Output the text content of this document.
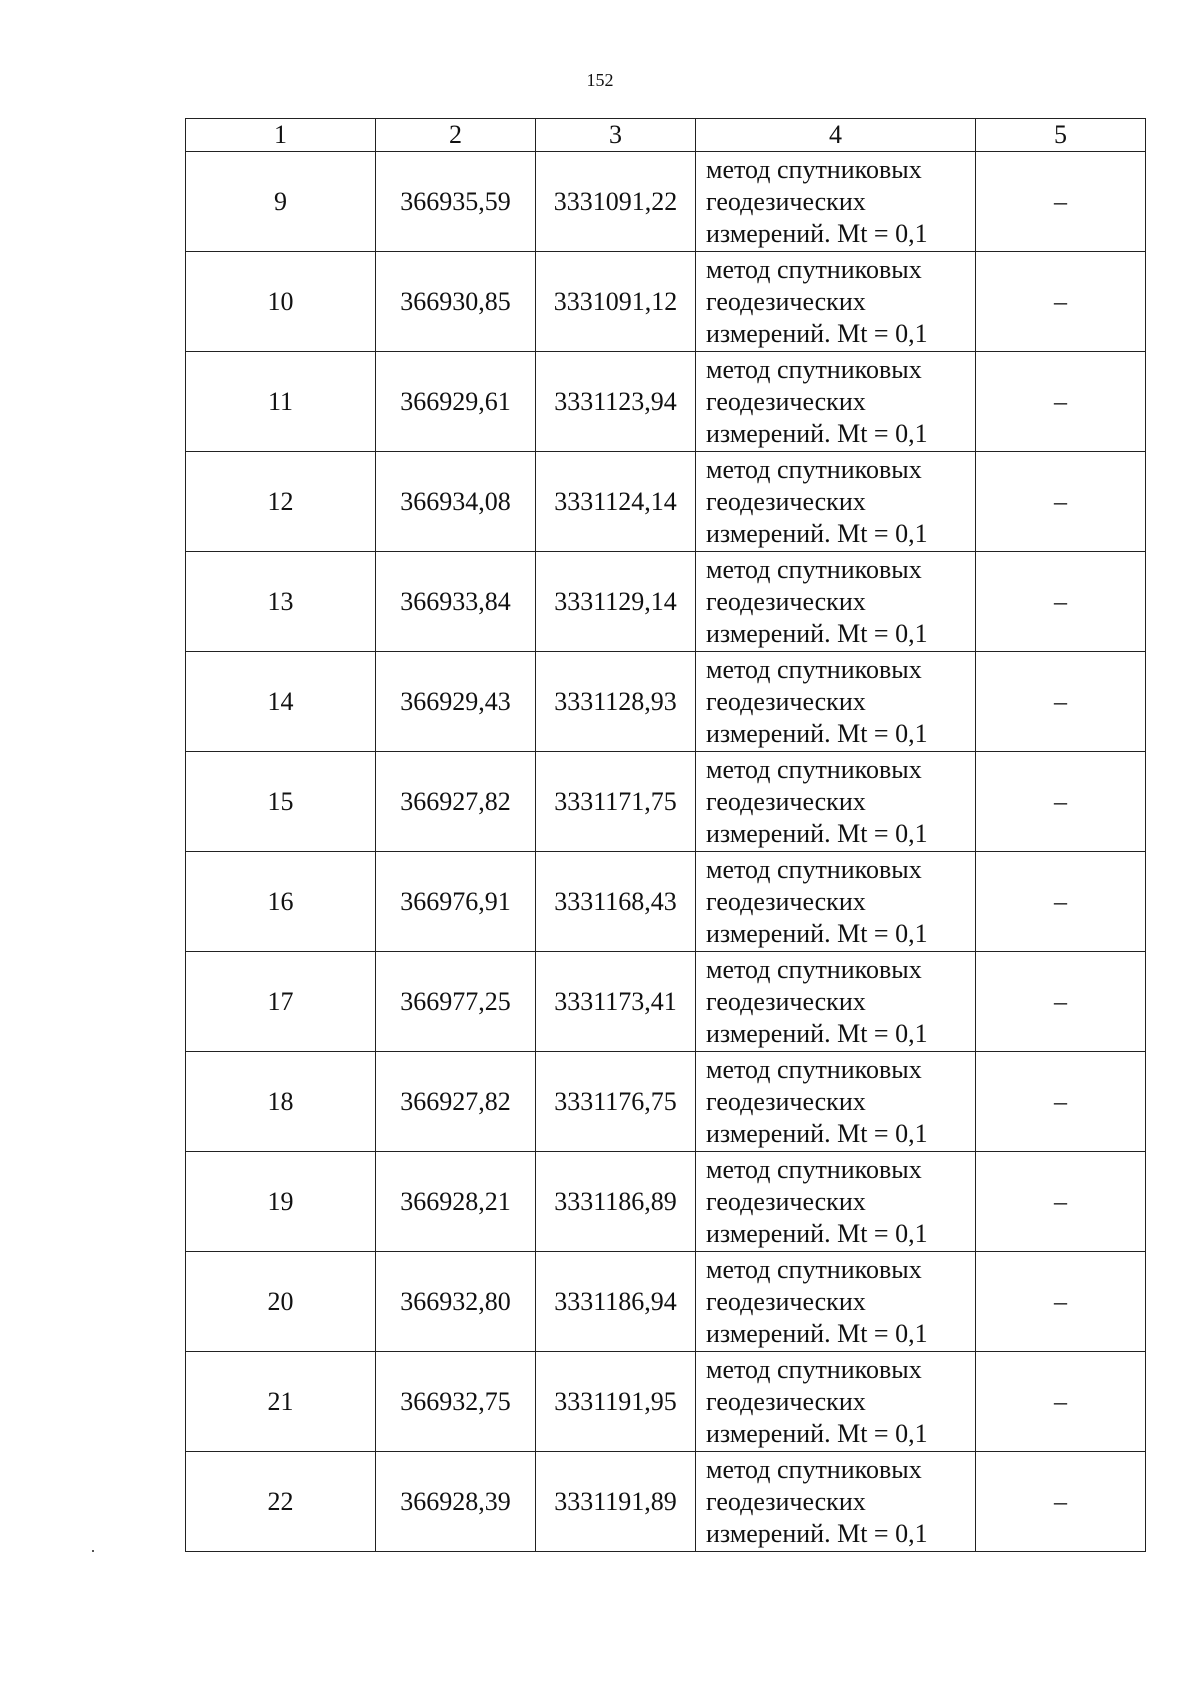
152
1	2	3	4	5
9	366935,59	3331091,22	метод спутниковых
геодезических
измерений. Mt = 0,1	–
10	366930,85	3331091,12	метод спутниковых
геодезических
измерений. Mt = 0,1	–
11	366929,61	3331123,94	метод спутниковых
геодезических
измерений. Mt = 0,1	–
12	366934,08	3331124,14	метод спутниковых
геодезических
измерений. Mt = 0,1	–
13	366933,84	3331129,14	метод спутниковых
геодезических
измерений. Mt = 0,1	–
14	366929,43	3331128,93	метод спутниковых
геодезических
измерений. Mt = 0,1	–
15	366927,82	3331171,75	метод спутниковых
геодезических
измерений. Mt = 0,1	–
16	366976,91	3331168,43	метод спутниковых
геодезических
измерений. Mt = 0,1	–
17	366977,25	3331173,41	метод спутниковых
геодезических
измерений. Mt = 0,1	–
18	366927,82	3331176,75	метод спутниковых
геодезических
измерений. Mt = 0,1	–
19	366928,21	3331186,89	метод спутниковых
геодезических
измерений. Mt = 0,1	–
20	366932,80	3331186,94	метод спутниковых
геодезических
измерений. Mt = 0,1	–
21	366932,75	3331191,95	метод спутниковых
геодезических
измерений. Mt = 0,1	–
22	366928,39	3331191,89	метод спутниковых
геодезических
измерений. Mt = 0,1	–
